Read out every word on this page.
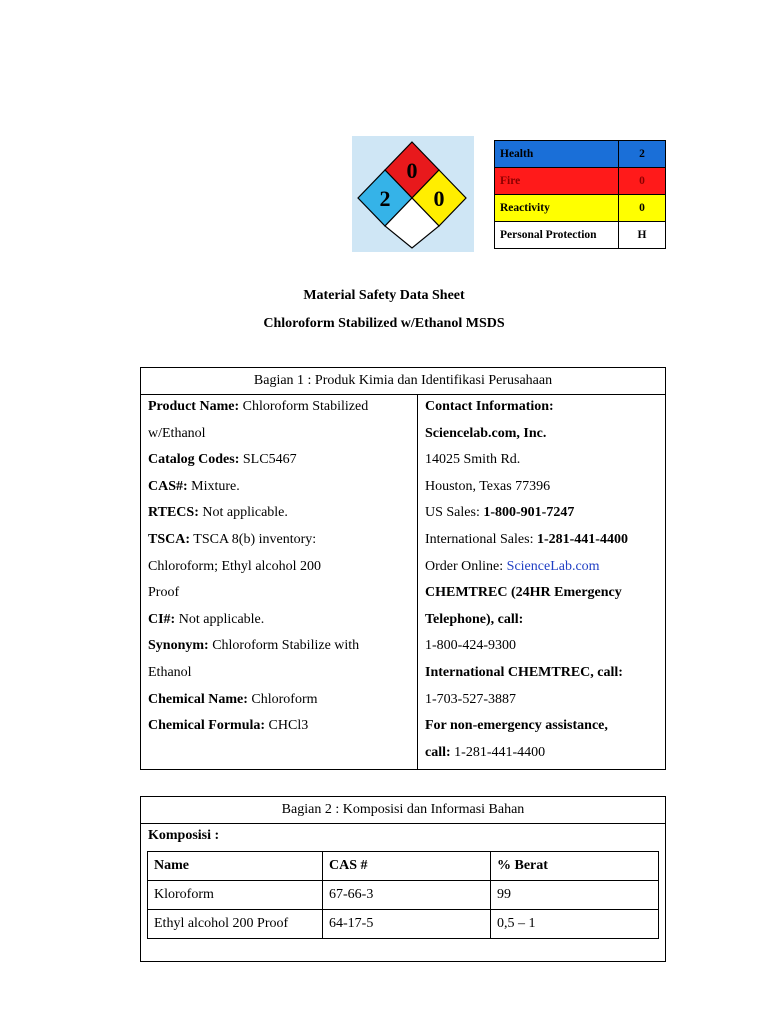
0
2 0
Health	2
Fire	0
Reactivity	0
Personal Protection	H
Material Safety Data Sheet
Chloroform Stabilized w/Ethanol MSDS
Bagian 1 : Produk Kimia dan Identifikasi Perusahaan
Product Name: Chloroform Stabilized
w/Ethanol
Catalog Codes: SLC5467
CAS#: Mixture.
RTECS: Not applicable.
TSCA: TSCA 8(b) inventory:
Chloroform; Ethyl alcohol 200
Proof
CI#: Not applicable.
Synonym: Chloroform Stabilize with
Ethanol
Chemical Name: Chloroform
Chemical Formula: CHCl3
Contact Information:
Sciencelab.com, Inc.
14025 Smith Rd.
Houston, Texas 77396
US Sales: 1-800-901-7247
International Sales: 1-281-441-4400
Order Online: ScienceLab.com
CHEMTREC (24HR Emergency
Telephone), call:
1-800-424-9300
International CHEMTREC, call:
1-703-527-3887
For non-emergency assistance,
call: 1-281-441-4400
Bagian 2 : Komposisi dan Informasi Bahan
Komposisi :
Name	CAS #	% Berat
Kloroform	67-66-3	99
Ethyl alcohol 200 Proof	64-17-5	0,5 – 1
